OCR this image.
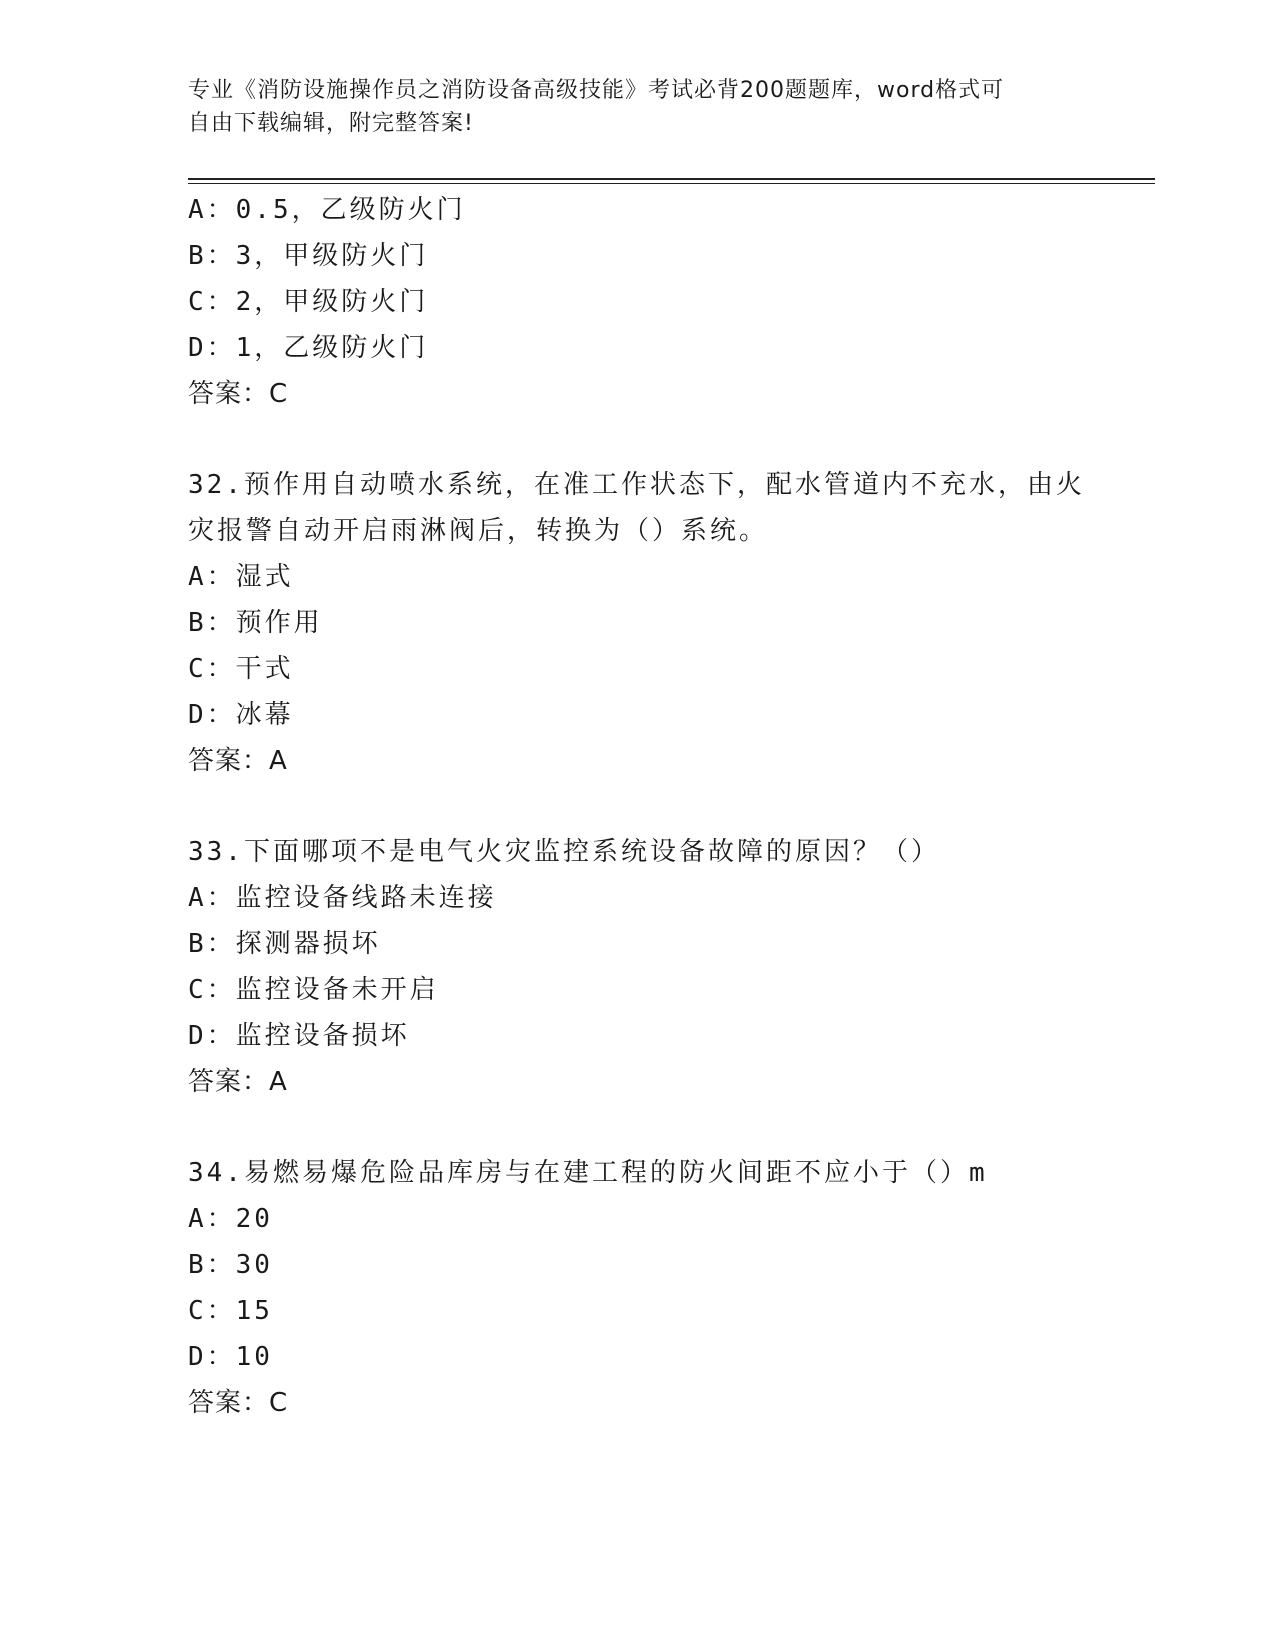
专业《消防设施操作员之消防设备高级技能》考试必背200题题库，word格式可
自由下载编辑，附完整答案!
A：0.5，乙级防火门
B：3，甲级防火门
C：2，甲级防火门
D：1，乙级防火门
答案：C
32.预作用自动喷水系统，在准工作状态下，配水管道内不充水，由火灾报警自动开启雨淋阀后，转换为（）系统。
A：湿式
B：预作用
C：干式
D：冰幕
答案：A
33.下面哪项不是电气火灾监控系统设备故障的原因？（）
A：监控设备线路未连接
B：探测器损坏
C：监控设备未开启
D：监控设备损坏
答案：A
34.易燃易爆危险品库房与在建工程的防火间距不应小于（）m
A：20
B：30
C：15
D：10
答案：C
